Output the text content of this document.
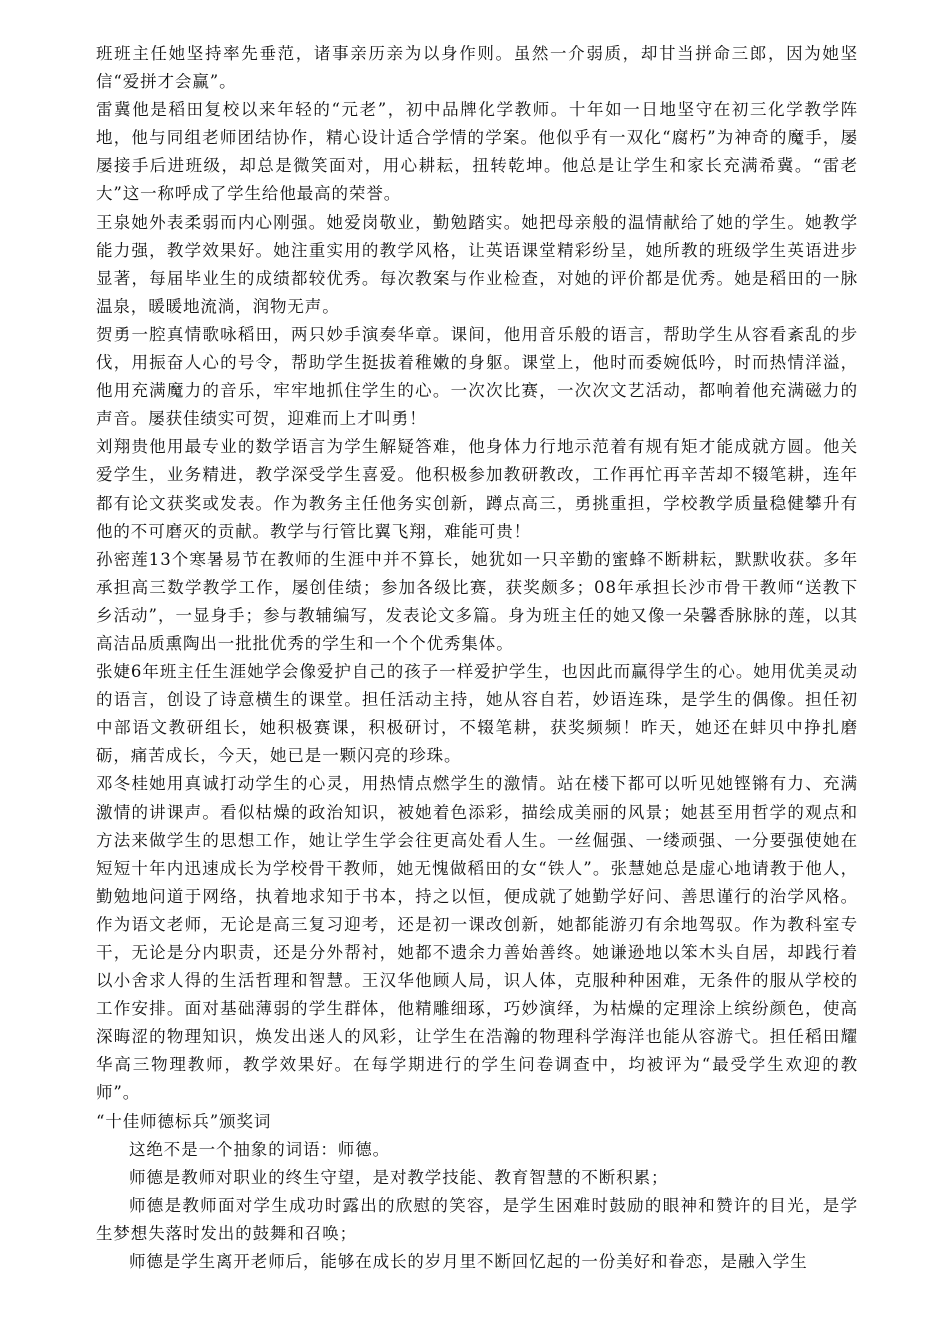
班班主任她坚持率先垂范，诸事亲历亲为以身作则。虽然一介弱质，却甘当拼命三郎，因为她坚信“爱拼才会赢”。

雷冀他是稻田复校以来年轻的“元老”，初中品牌化学教师。十年如一日地坚守在初三化学教学阵地，他与同组老师团结协作，精心设计适合学情的学案。他似乎有一双化“腐朽”为神奇的魔手，屡屡接手后进班级，却总是微笑面对，用心耕耘，扭转乾坤。他总是让学生和家长充满希冀。“雷老大”这一称呼成了学生给他最高的荣誉。

王泉她外表柔弱而内心刚强。她爱岗敬业，勤勉踏实。她把母亲般的温情献给了她的学生。她教学能力强，教学效果好。她注重实用的教学风格，让英语课堂精彩纷呈，她所教的班级学生英语进步显著，每届毕业生的成绩都较优秀。每次教案与作业检查，对她的评价都是优秀。她是稻田的一脉温泉，暖暖地流淌，润物无声。

贺勇一腔真情歌咏稻田，两只妙手演奏华章。课间，他用音乐般的语言，帮助学生从容看紊乱的步伐，用振奋人心的号令，帮助学生挺拔着稚嫩的身躯。课堂上，他时而委婉低吟，时而热情洋溢，他用充满魔力的音乐，牢牢地抓住学生的心。一次次比赛，一次次文艺活动，都响着他充满磁力的声音。屡获佳绩实可贺，迎难而上才叫勇！

刘翔贵他用最专业的数学语言为学生解疑答难，他身体力行地示范着有规有矩才能成就方圆。他关爱学生，业务精进，教学深受学生喜爱。他积极参加教研教改，工作再忙再辛苦却不辍笔耕，连年都有论文获奖或发表。作为教务主任他务实创新，蹲点高三，勇挑重担，学校教学质量稳健攀升有他的不可磨灭的贡献。教学与行管比翼飞翔，难能可贵！

孙密莲13个寒暑易节在教师的生涯中并不算长，她犹如一只辛勤的蜜蜂不断耕耘，默默收获。多年承担高三数学教学工作，屡创佳绩；参加各级比赛，获奖颇多；08年承担长沙市骨干教师“送教下乡活动”，一显身手；参与教辅编写，发表论文多篇。身为班主任的她又像一朵馨香脉脉的莲，以其高洁品质熏陶出一批批优秀的学生和一个个优秀集体。

张婕6年班主任生涯她学会像爱护自己的孩子一样爱护学生，也因此而赢得学生的心。她用优美灵动的语言，创设了诗意横生的课堂。担任活动主持，她从容自若，妙语连珠，是学生的偶像。担任初中部语文教研组长，她积极赛课，积极研讨，不辍笔耕，获奖频频！昨天，她还在蚌贝中挣扎磨砺，痛苦成长，今天，她已是一颗闪亮的珍珠。

邓冬桂她用真诚打动学生的心灵，用热情点燃学生的激情。站在楼下都可以听见她铿锵有力、充满激情的讲课声。看似枯燥的政治知识，被她着色添彩，描绘成美丽的风景；她甚至用哲学的观点和方法来做学生的思想工作，她让学生学会往更高处看人生。一丝倔强、一缕顽强、一分要强使她在短短十年内迅速成长为学校骨干教师，她无愧做稻田的女“铁人”。张慧她总是虚心地请教于他人，勤勉地问道于网络，执着地求知于书本，持之以恒，便成就了她勤学好问、善思谨行的治学风格。作为语文老师，无论是高三复习迎考，还是初一课改创新，她都能游刃有余地驾驭。作为教科室专干，无论是分内职责，还是分外帮衬，她都不遗余力善始善终。她谦逊地以笨木头自居，却践行着以小舍求人得的生活哲理和智慧。王汉华他顾人局，识人体，克服种种困难，无条件的服从学校的工作安排。面对基础薄弱的学生群体，他精雕细琢，巧妙演绎，为枯燥的定理涂上缤纷颜色，使高深晦涩的物理知识，焕发出迷人的风彩，让学生在浩瀚的物理科学海洋也能从容游弋。担任稻田耀华高三物理教师，教学效果好。在每学期进行的学生问卷调查中，均被评为“最受学生欢迎的教师”。

“十佳师德标兵”颁奖词

这绝不是一个抽象的词语：师德。

师德是教师对职业的终生守望，是对教学技能、教育智慧的不断积累；

师德是教师面对学生成功时露出的欣慰的笑容，是学生困难时鼓励的眼神和赞许的目光，是学生梦想失落时发出的鼓舞和召唤；

师德是学生离开老师后，能够在成长的岁月里不断回忆起的一份美好和眷恋，是融入学生
